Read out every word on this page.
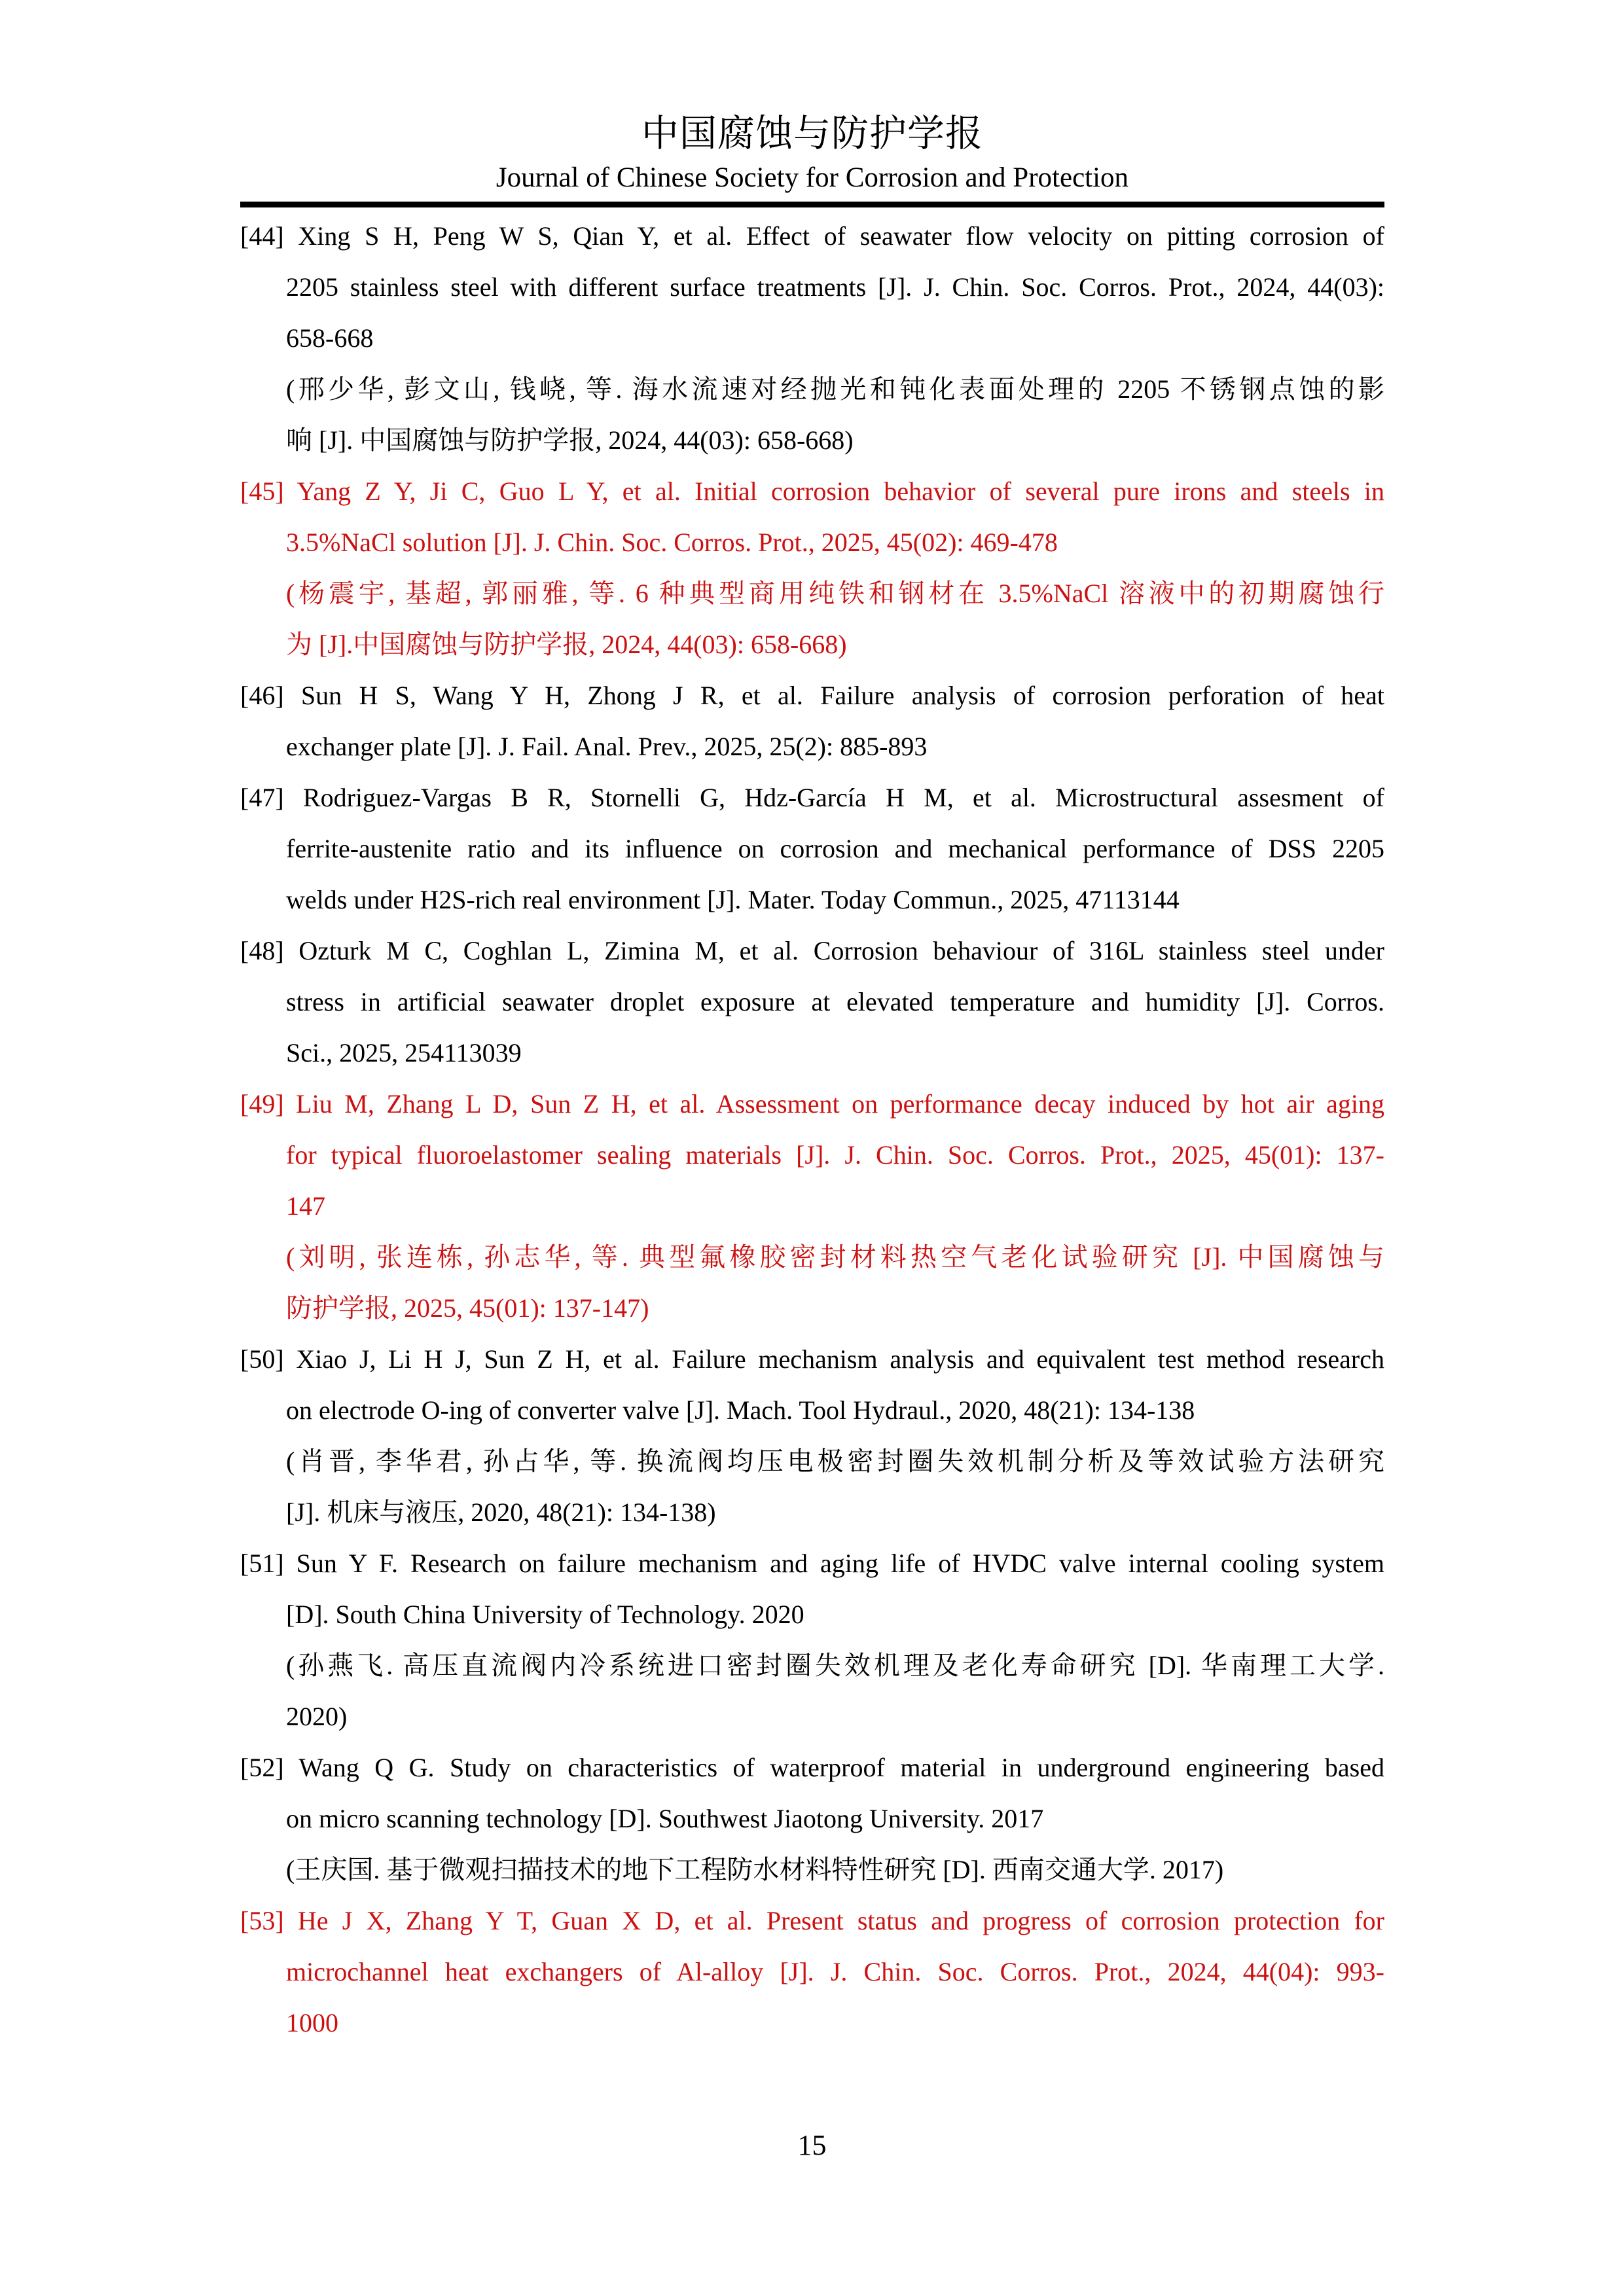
中国腐蚀与防护学报
Journal of Chinese Society for Corrosion and Protection
[44] Xing S H, Peng W S, Qian Y, et al. Effect of seawater flow velocity on pitting corrosion of
2205 stainless steel with different surface treatments [J]. J. Chin. Soc. Corros. Prot., 2024, 44(03):
658-668
(邢少华, 彭文山, 钱峣, 等. 海水流速对经抛光和钝化表面处理的 2205 不锈钢点蚀的影
响 [J]. 中国腐蚀与防护学报, 2024, 44(03): 658-668)
[45] Yang Z Y, Ji C, Guo L Y, et al. Initial corrosion behavior of several pure irons and steels in
3.5%NaCl solution [J]. J. Chin. Soc. Corros. Prot., 2025, 45(02): 469-478
(杨震宇, 基超, 郭丽雅, 等. 6 种典型商用纯铁和钢材在 3.5%NaCl 溶液中的初期腐蚀行
为 [J].中国腐蚀与防护学报, 2024, 44(03): 658-668)
[46] Sun H S, Wang Y H, Zhong J R, et al. Failure analysis of corrosion perforation of heat
exchanger plate [J]. J. Fail. Anal. Prev., 2025, 25(2): 885-893
[47] Rodriguez-Vargas B R, Stornelli G, Hdz-García H M, et al. Microstructural assesment of
ferrite-austenite ratio and its influence on corrosion and mechanical performance of DSS 2205
welds under H2S-rich real environment [J]. Mater. Today Commun., 2025, 47113144
[48] Ozturk M C, Coghlan L, Zimina M, et al. Corrosion behaviour of 316L stainless steel under
stress in artificial seawater droplet exposure at elevated temperature and humidity [J]. Corros.
Sci., 2025, 254113039
[49] Liu M, Zhang L D, Sun Z H, et al. Assessment on performance decay induced by hot air aging
for typical fluoroelastomer sealing materials [J]. J. Chin. Soc. Corros. Prot., 2025, 45(01): 137-
147
(刘明, 张连栋, 孙志华, 等. 典型氟橡胶密封材料热空气老化试验研究 [J]. 中国腐蚀与
防护学报, 2025, 45(01): 137-147)
[50] Xiao J, Li H J, Sun Z H, et al. Failure mechanism analysis and equivalent test method research
on electrode O-ing of converter valve [J]. Mach. Tool Hydraul., 2020, 48(21): 134-138
(肖晋, 李华君, 孙占华, 等. 换流阀均压电极密封圈失效机制分析及等效试验方法研究
[J]. 机床与液压, 2020, 48(21): 134-138)
[51] Sun Y F. Research on failure mechanism and aging life of HVDC valve internal cooling system
[D]. South China University of Technology. 2020
(孙燕飞. 高压直流阀内冷系统进口密封圈失效机理及老化寿命研究 [D]. 华南理工大学.
2020)
[52] Wang Q G. Study on characteristics of waterproof material in underground engineering based
on micro scanning technology [D]. Southwest Jiaotong University. 2017
(王庆国. 基于微观扫描技术的地下工程防水材料特性研究 [D]. 西南交通大学. 2017)
[53] He J X, Zhang Y T, Guan X D, et al. Present status and progress of corrosion protection for
microchannel heat exchangers of Al-alloy [J]. J. Chin. Soc. Corros. Prot., 2024, 44(04): 993-
1000
15
